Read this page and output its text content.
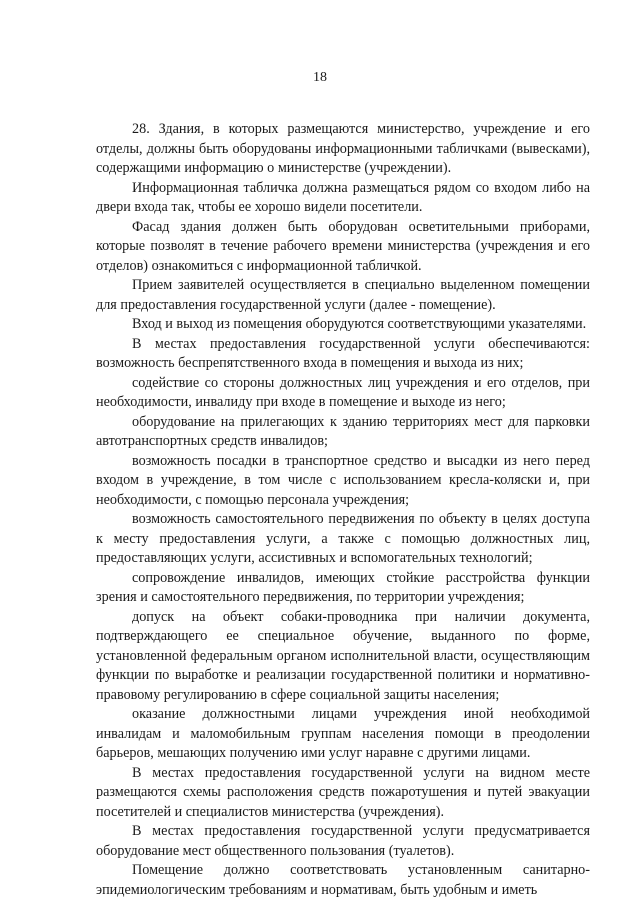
18

28. Здания, в которых размещаются министерство, учреждение и его отделы, должны быть оборудованы информационными табличками (вывесками), содержащими информацию о министерстве (учреждении).

Информационная табличка должна размещаться рядом со входом либо на двери входа так, чтобы ее хорошо видели посетители.

Фасад здания должен быть оборудован осветительными приборами, которые позволят в течение рабочего времени министерства (учреждения и его отделов) ознакомиться с информационной табличкой.

Прием заявителей осуществляется в специально выделенном помещении для предоставления государственной услуги (далее - помещение).

Вход и выход из помещения оборудуются соответствующими указателями.

В местах предоставления государственной услуги обеспечиваются: возможность беспрепятственного входа в помещения и выхода из них;

содействие со стороны должностных лиц учреждения и его отделов, при необходимости, инвалиду при входе в помещение и выходе из него;

оборудование на прилегающих к зданию территориях мест для парковки автотранспортных средств инвалидов;

возможность посадки в транспортное средство и высадки из него перед входом в учреждение, в том числе с использованием кресла-коляски и, при необходимости, с помощью персонала учреждения;

возможность самостоятельного передвижения по объекту в целях доступа к месту предоставления услуги, а также с помощью должностных лиц, предоставляющих услуги, ассистивных и вспомогательных технологий;

сопровождение инвалидов, имеющих стойкие расстройства функции зрения и самостоятельного передвижения, по территории учреждения;

допуск на объект собаки-проводника при наличии документа, подтверждающего ее специальное обучение, выданного по форме, установленной федеральным органом исполнительной власти, осуществляющим функции по выработке и реализации государственной политики и нормативно-правовому регулированию в сфере социальной защиты населения;

оказание должностными лицами учреждения иной необходимой инвалидам и маломобильным группам населения помощи в преодолении барьеров, мешающих получению ими услуг наравне с другими лицами.

В местах предоставления государственной услуги на видном месте размещаются схемы расположения средств пожаротушения и путей эвакуации посетителей и специалистов министерства (учреждения).

В местах предоставления государственной услуги предусматривается оборудование мест общественного пользования (туалетов).

Помещение должно соответствовать установленным санитарно-эпидемиологическим требованиям и нормативам, быть удобным и иметь
